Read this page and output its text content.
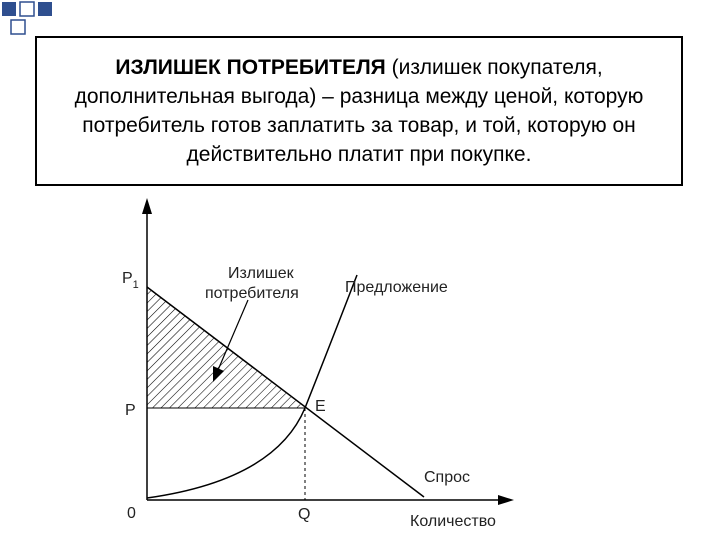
ИЗЛИШЕК ПОТРЕБИТЕЛЯ (излишек покупателя, дополнительная выгода) – разница между ценой, которую потребитель готов заплатить за товар, и той, которую он действительно платит при покупке.
$P_1$
P
0	Q
E
Количество
Излишек
потребителя	Предложение
Спрос
